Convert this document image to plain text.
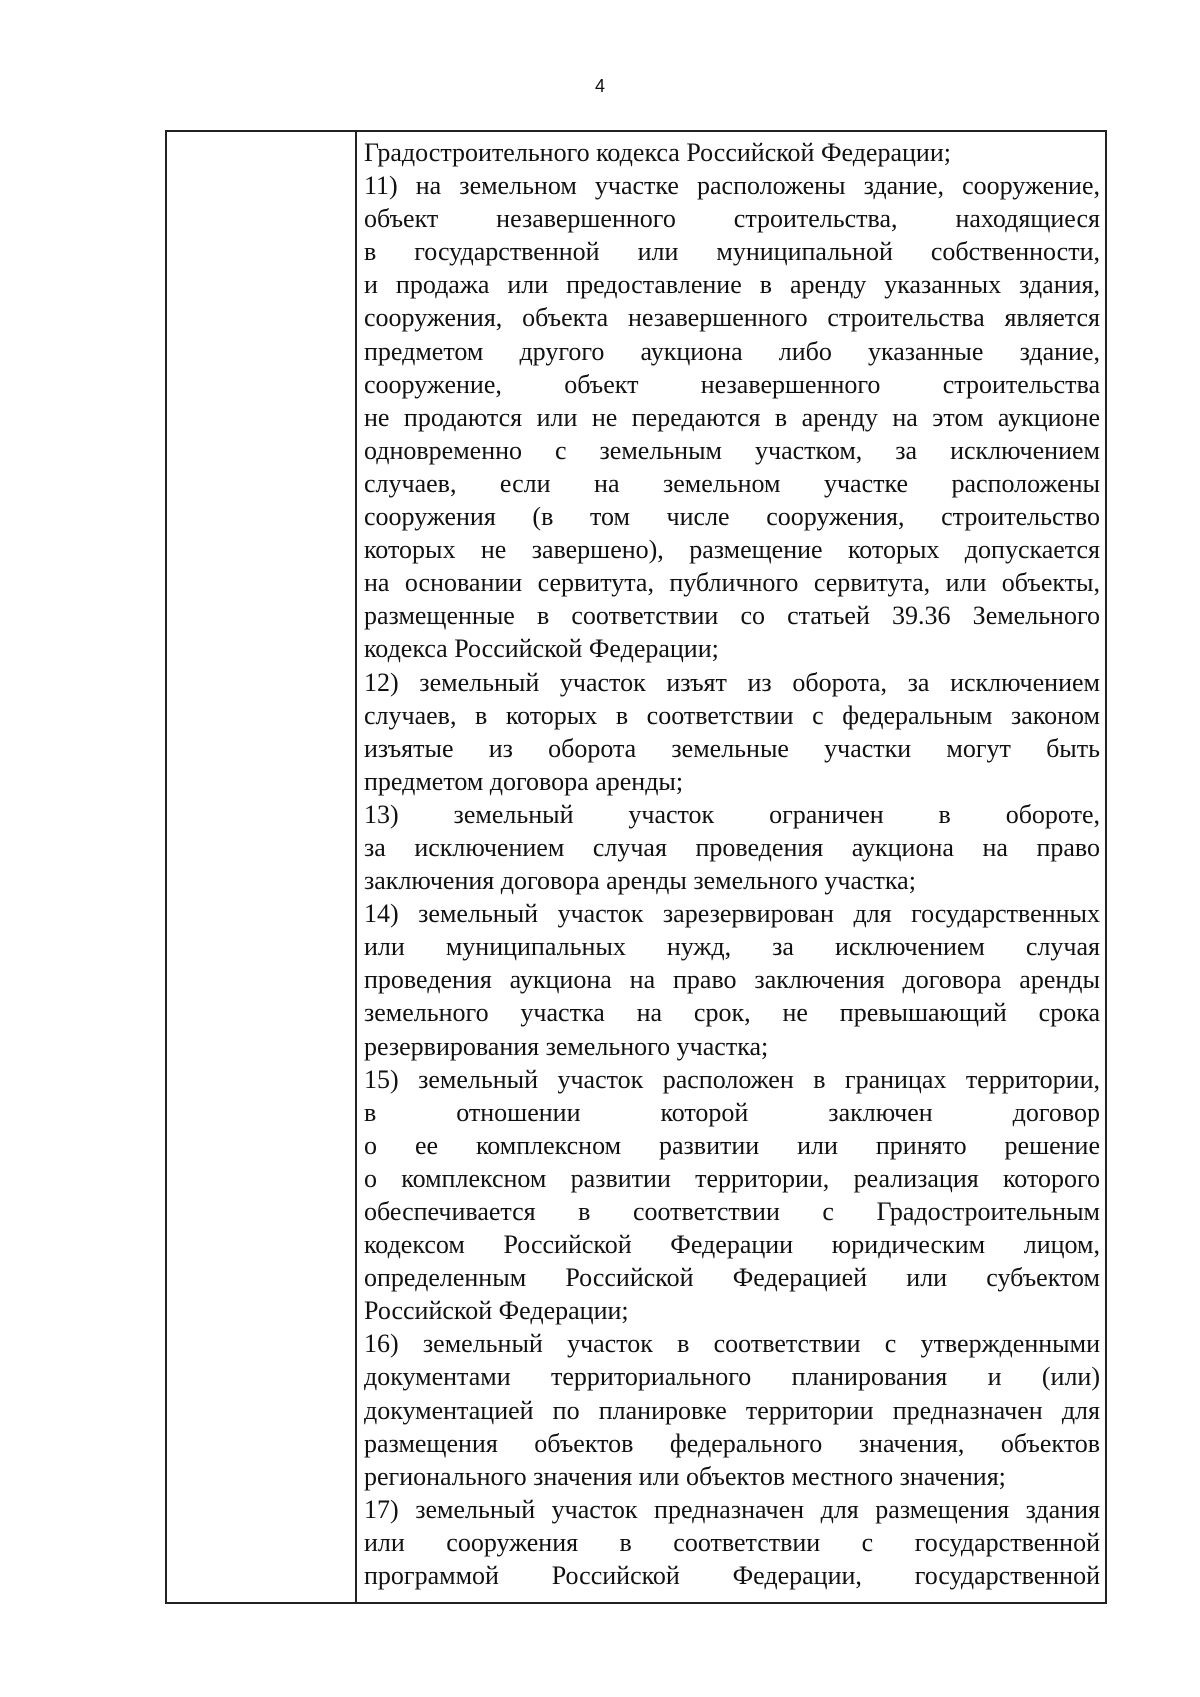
4
Градостроительного кодекса Российской Федерации;
11) на земельном участке расположены здание, сооружение,
объект незавершенного строительства, находящиеся
в государственной или муниципальной собственности,
и продажа или предоставление в аренду указанных здания,
сооружения, объекта незавершенного строительства является
предметом другого аукциона либо указанные здание,
сооружение, объект незавершенного строительства
не продаются или не передаются в аренду на этом аукционе
одновременно с земельным участком, за исключением
случаев, если на земельном участке расположены
сооружения (в том числе сооружения, строительство
которых не завершено), размещение которых допускается
на основании сервитута, публичного сервитута, или объекты,
размещенные в соответствии со статьей 39.36 Земельного
кодекса Российской Федерации;
12) земельный участок изъят из оборота, за исключением
случаев, в которых в соответствии с федеральным законом
изъятые из оборота земельные участки могут быть
предметом договора аренды;
13) земельный участок ограничен в обороте,
за исключением случая проведения аукциона на право
заключения договора аренды земельного участка;
14) земельный участок зарезервирован для государственных
или муниципальных нужд, за исключением случая
проведения аукциона на право заключения договора аренды
земельного участка на срок, не превышающий срока
резервирования земельного участка;
15) земельный участок расположен в границах территории,
в отношении которой заключен договор
о ее комплексном развитии или принято решение
о комплексном развитии территории, реализация которого
обеспечивается в соответствии с Градостроительным
кодексом Российской Федерации юридическим лицом,
определенным Российской Федерацией или субъектом
Российской Федерации;
16) земельный участок в соответствии с утвержденными
документами территориального планирования и (или)
документацией по планировке территории предназначен для
размещения объектов федерального значения, объектов
регионального значения или объектов местного значения;
17) земельный участок предназначен для размещения здания
или сооружения в соответствии с государственной
программой Российской Федерации, государственной
